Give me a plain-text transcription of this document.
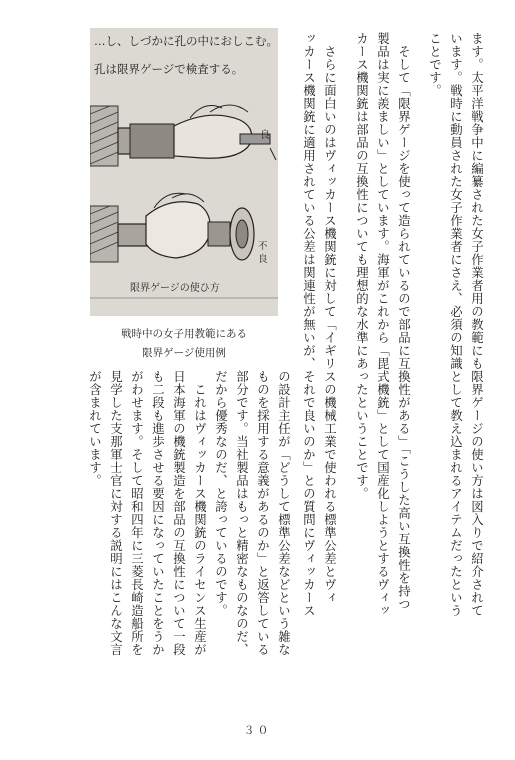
ます。太平洋戦争中に編纂された女子作業者用の教範にも限界ゲージの使い方は図入りで紹介されて

います。戦時に動員された女子作業者にさえ、必須の知識として教え込まれるアイテムだったという

ことです。

　そして「限界ゲージを使って造られているので部品に互換性がある」「こうした高い互換性を持つ

製品は実に羨ましい」としています。海軍がこれから「毘式機銃」として国産化しようとするヴィッ

カース機関銃は部品の互換性についても理想的な水準にあったということです。

　さらに面白いのはヴィッカース機関銃に対して「イギリスの機械工業で使われる標準公差とヴィ

ッカース機関銃に適用されている公差は関連性が無いが、それで良いのか」との質問にヴィッカース

の設計主任が「どうして標準公差などという雑な

ものを採用する意義があるのか」と返答している

部分です。当社製品はもっと精密なものなのだ、

だから優秀なのだ、と誇っているのです。

　これはヴィッカース機関銃のライセンス生産が

日本海軍の機銃製造を部品の互換性について一段

も二段も進歩させる要因になっていたことをうか

がわせます。そして昭和四年に三菱長崎造船所を

見学した支那軍士官に対する説明にはこんな文言

が含まれています。

…し、しづかに孔の中におしこむ。
孔は限界ゲージで検査する。
良
不
良
限界ゲージの使ひ方
戦時中の女子用教範にある
限界ゲージ使用例
３０
